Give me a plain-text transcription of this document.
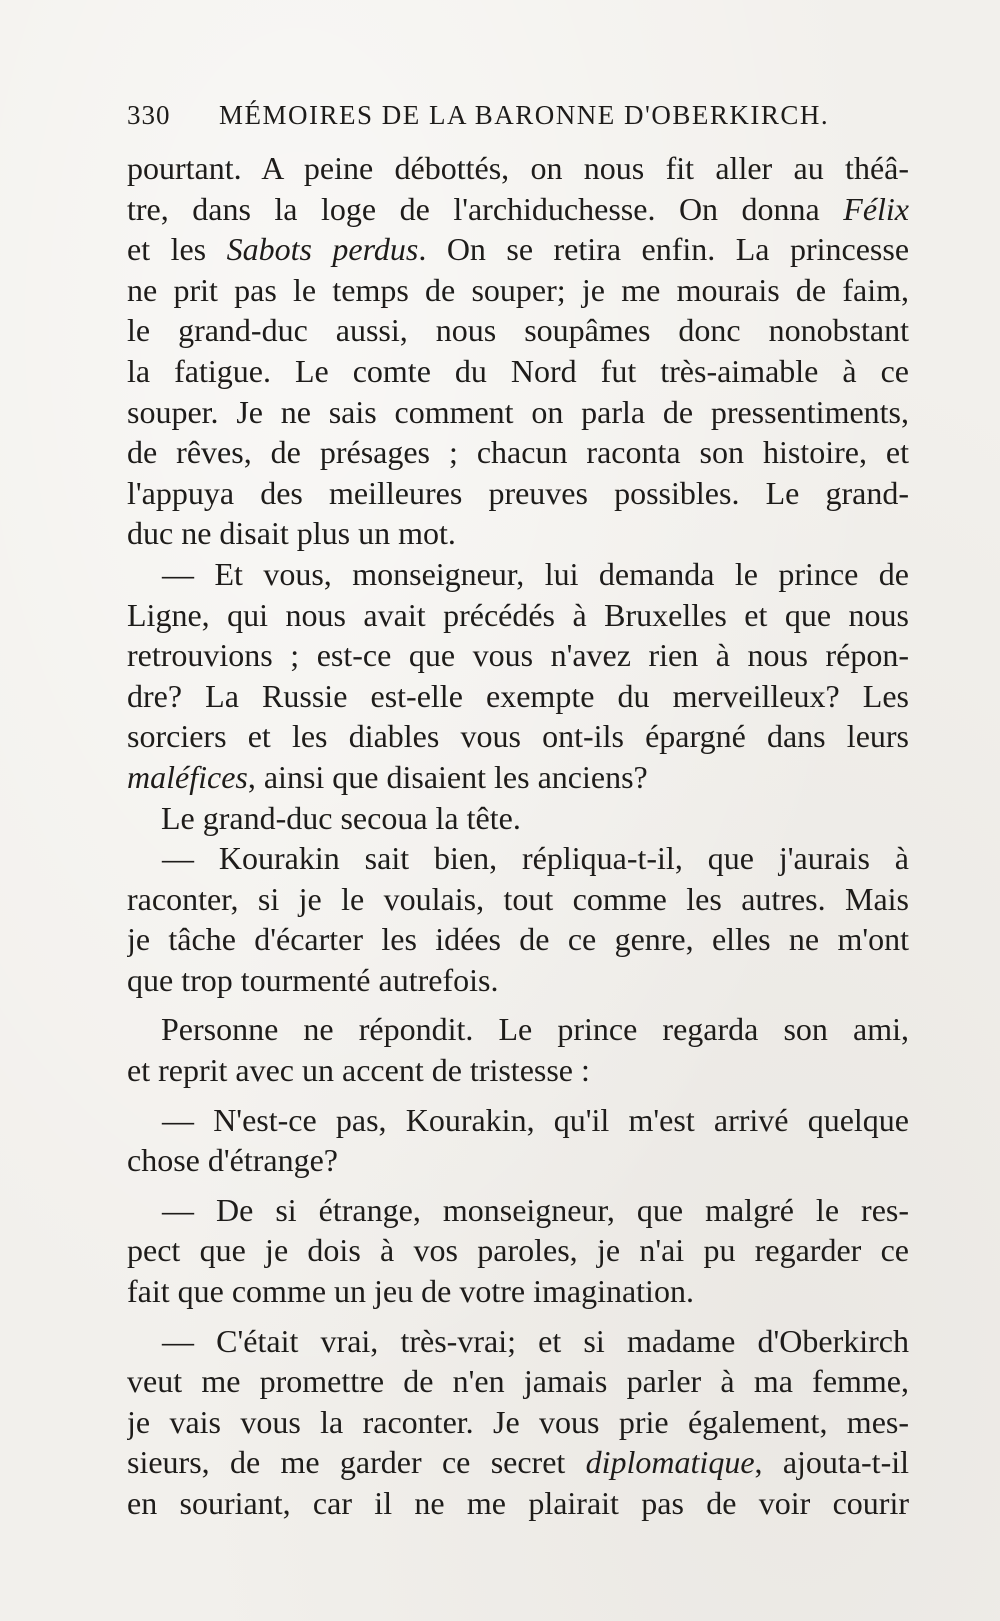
330	MÉMOIRES DE LA BARONNE D'OBERKIRCH.
pourtant. A peine débottés, on nous fit aller au théâ-
tre, dans la loge de l'archiduchesse. On donna Félix
et les Sabots perdus. On se retira enfin. La princesse
ne prit pas le temps de souper; je me mourais de faim,
le grand-duc aussi, nous soupâmes donc nonobstant
la fatigue. Le comte du Nord fut très-aimable à ce
souper. Je ne sais comment on parla de pressentiments,
de rêves, de présages ; chacun raconta son histoire, et
l'appuya des meilleures preuves possibles. Le grand-
duc ne disait plus un mot.
— Et vous, monseigneur, lui demanda le prince de
Ligne, qui nous avait précédés à Bruxelles et que nous
retrouvions ; est-ce que vous n'avez rien à nous répon-
dre? La Russie est-elle exempte du merveilleux? Les
sorciers et les diables vous ont-ils épargné dans leurs
maléfices, ainsi que disaient les anciens?
Le grand-duc secoua la tête.
— Kourakin sait bien, répliqua-t-il, que j'aurais à
raconter, si je le voulais, tout comme les autres. Mais
je tâche d'écarter les idées de ce genre, elles ne m'ont
que trop tourmenté autrefois.
Personne ne répondit. Le prince regarda son ami,
et reprit avec un accent de tristesse :
— N'est-ce pas, Kourakin, qu'il m'est arrivé quelque
chose d'étrange?
— De si étrange, monseigneur, que malgré le res-
pect que je dois à vos paroles, je n'ai pu regarder ce
fait que comme un jeu de votre imagination.
— C'était vrai, très-vrai; et si madame d'Oberkirch
veut me promettre de n'en jamais parler à ma femme,
je vais vous la raconter. Je vous prie également, mes-
sieurs, de me garder ce secret diplomatique, ajouta-t-il
en souriant, car il ne me plairait pas de voir courir
